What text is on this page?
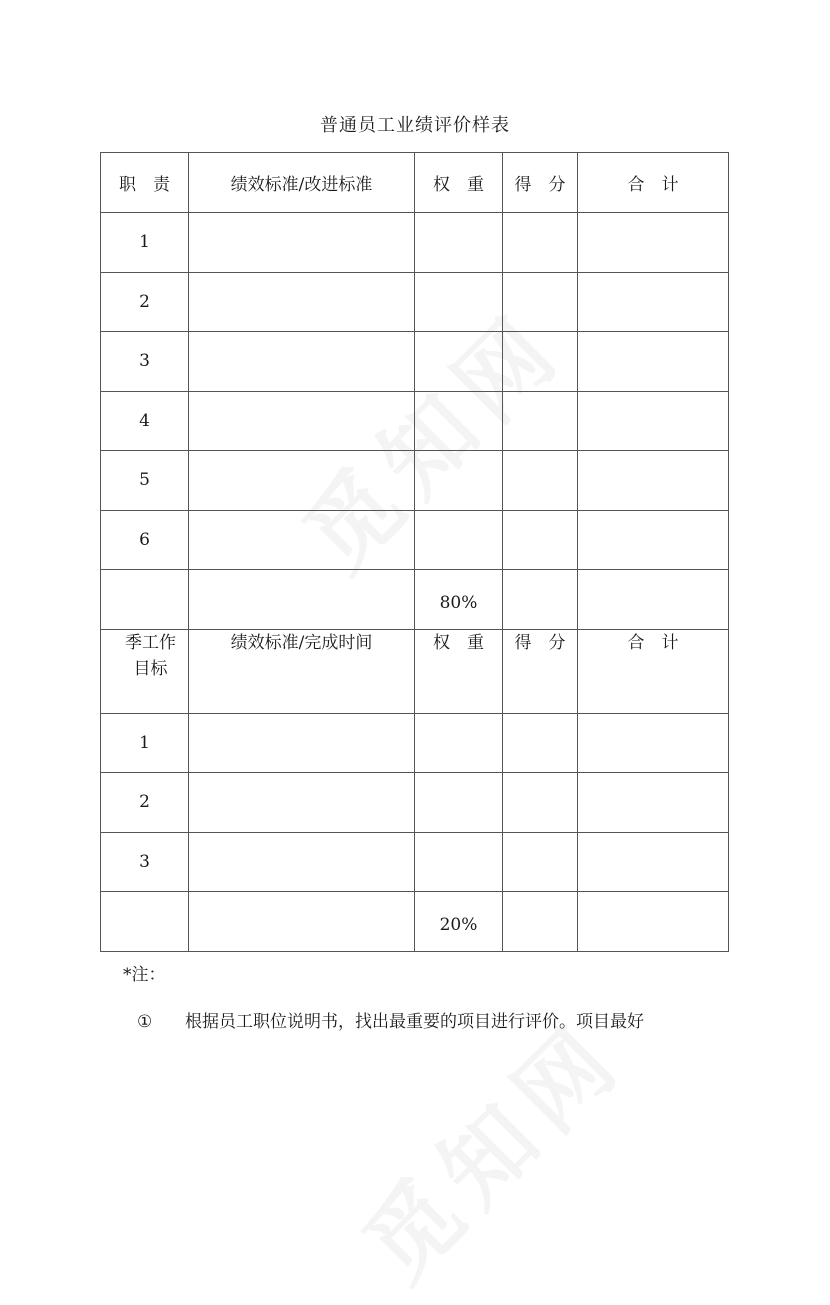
普通员工业绩评价样表
职　责	绩效标准/改进标准	权　重	得　分	合　计
1				
2				
3				
4				
5				
6				
		80%		
季工作目标	绩效标准/完成时间	权　重	得　分	合　计
1				
2				
3				
		20%		
*注：
① 根据员工职位说明书，找出最重要的项目进行评价。项目最好
